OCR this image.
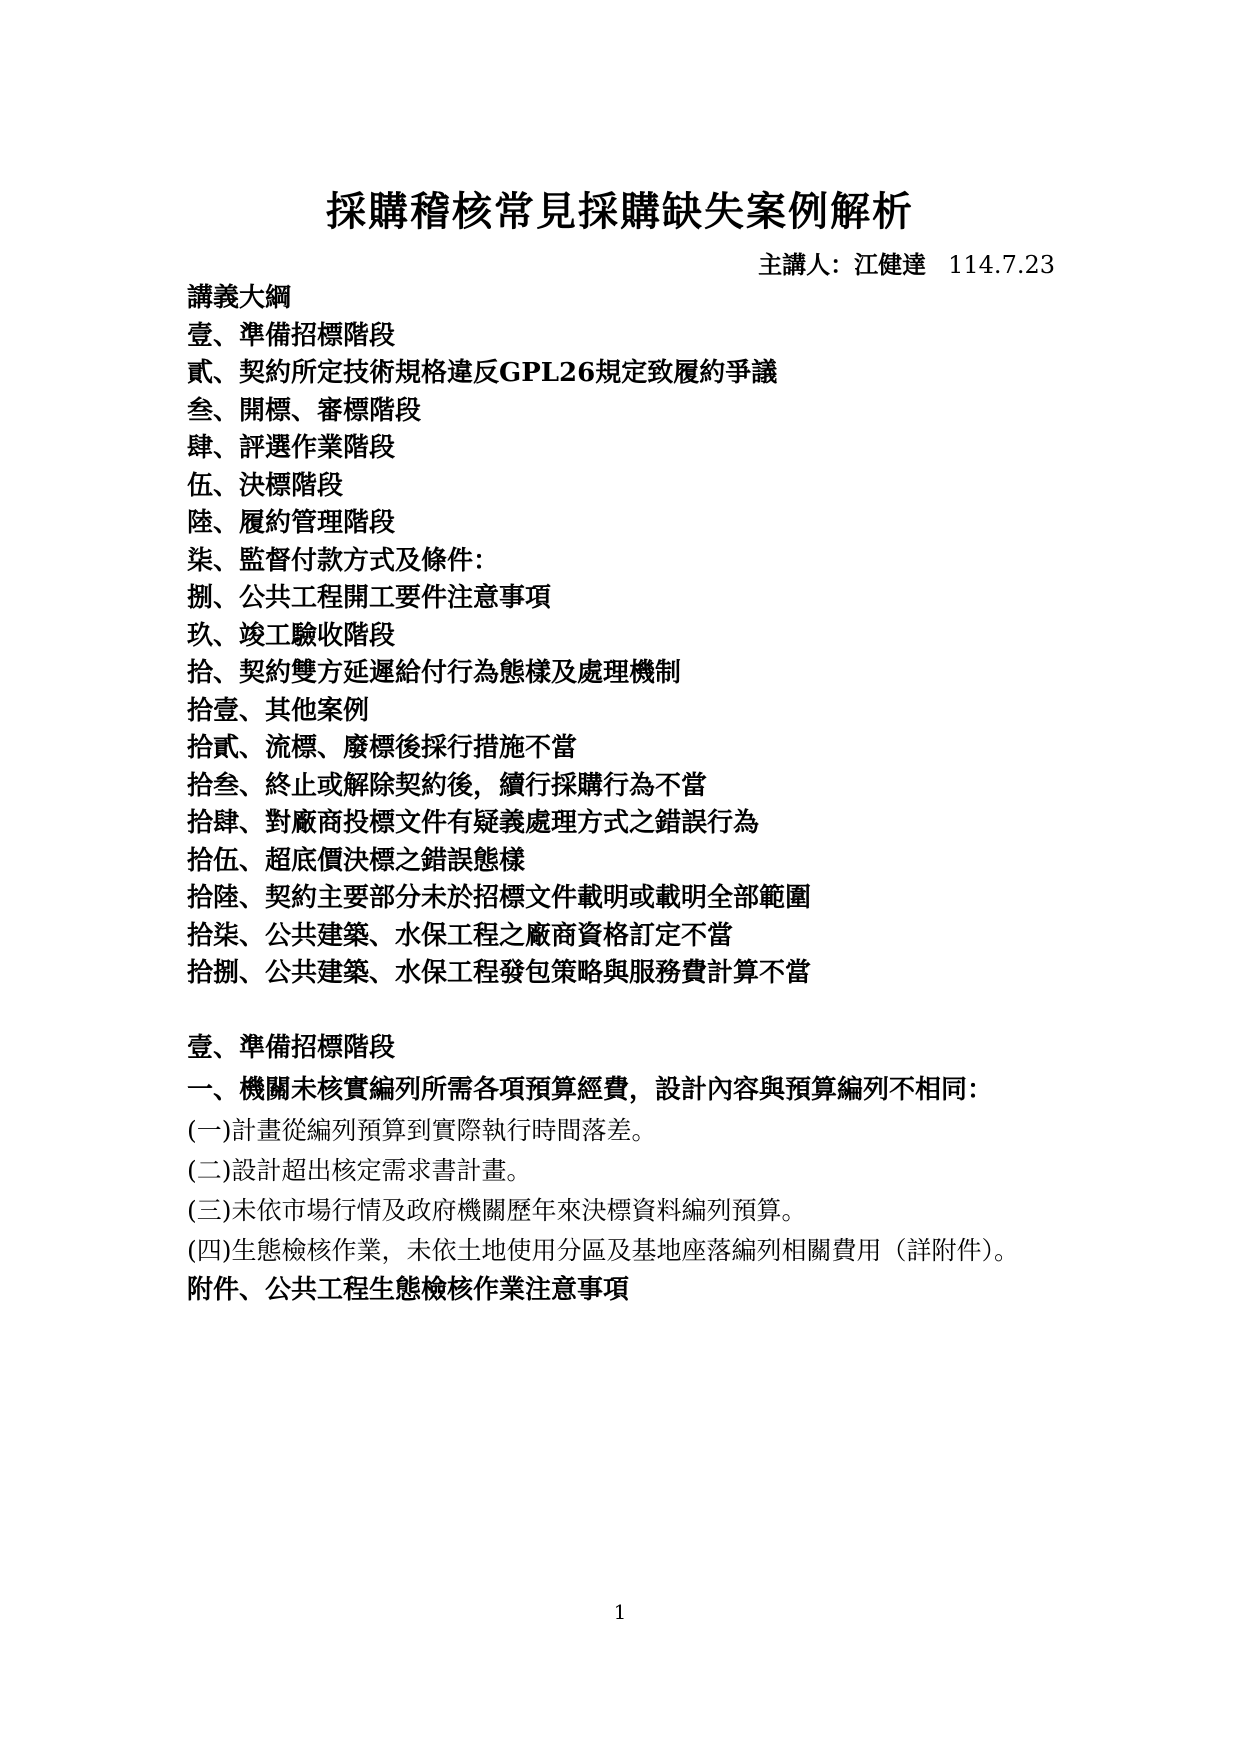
採購稽核常見採購缺失案例解析
主講人：江健達 114.7.23
講義大綱
壹、準備招標階段
貳、契約所定技術規格違反GPL26規定致履約爭議
叁、開標、審標階段
肆、評選作業階段
伍、決標階段
陸、履約管理階段
柒、監督付款方式及條件：
捌、公共工程開工要件注意事項
玖、竣工驗收階段
拾、契約雙方延遲給付行為態樣及處理機制
拾壹、其他案例
拾貳、流標、廢標後採行措施不當
拾叁、終止或解除契約後，續行採購行為不當
拾肆、對廠商投標文件有疑義處理方式之錯誤行為
拾伍、超底價決標之錯誤態樣
拾陸、契約主要部分未於招標文件載明或載明全部範圍
拾柒、公共建築、水保工程之廠商資格訂定不當
拾捌、公共建築、水保工程發包策略與服務費計算不當
壹、準備招標階段
一、機關未核實編列所需各項預算經費，設計內容與預算編列不相同：
(一)計畫從編列預算到實際執行時間落差。
(二)設計超出核定需求書計畫。
(三)未依市場行情及政府機關歷年來決標資料編列預算。
(四)生態檢核作業，未依土地使用分區及基地座落編列相關費用（詳附件）。
附件、公共工程生態檢核作業注意事項
1
